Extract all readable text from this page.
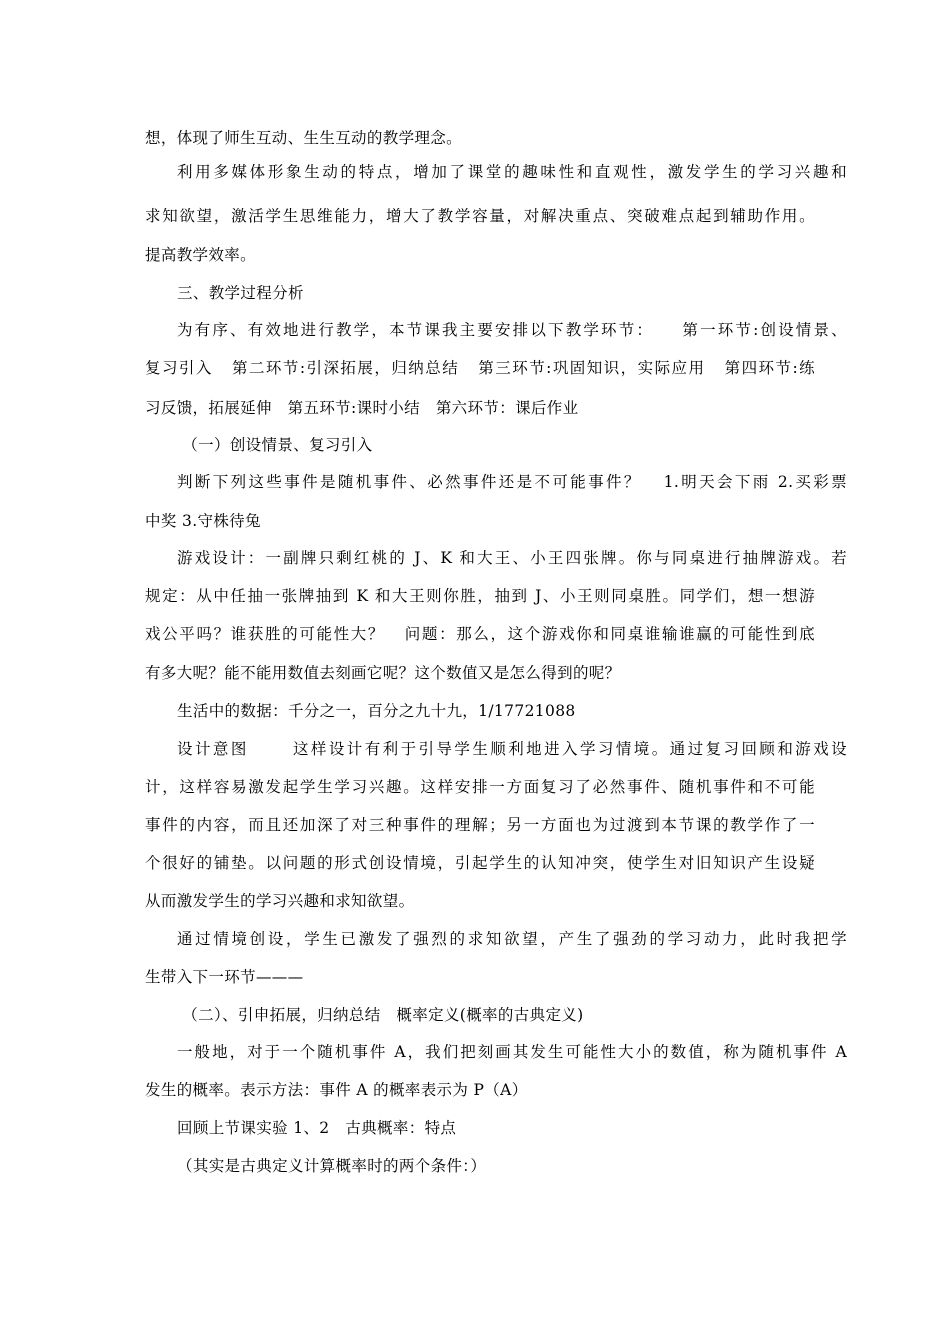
想，体现了师生互动、生生互动的教学理念。
利用多媒体形象生动的特点，增加了课堂的趣味性和直观性，激发学生的学习兴趣和
求知欲望，激活学生思维能力，增大了教学容量，对解决重点、突破难点起到辅助作用。
提高教学效率。
三、教学过程分析
为有序、有效地进行教学，本节课我主要安排以下教学环节：    第一环节:创设情景、
复习引入   第二环节:引深拓展，归纳总结   第三环节:巩固知识，实际应用   第四环节:练
习反馈，拓展延伸   第五环节:课时小结   第六环节：课后作业
（一）创设情景、复习引入
判断下列这些事件是随机事件、必然事件还是不可能事件？   1.明天会下雨 2.买彩票
中奖 3.守株待兔
游戏设计：一副牌只剩红桃的 J、K 和大王、小王四张牌。你与同桌进行抽牌游戏。若
规定：从中任抽一张牌抽到 K 和大王则你胜，抽到 J、小王则同桌胜。同学们，想一想游
戏公平吗？谁获胜的可能性大？   问题：那么，这个游戏你和同桌谁输谁赢的可能性到底
有多大呢？能不能用数值去刻画它呢？这个数值又是怎么得到的呢？
生活中的数据：千分之一，百分之九十九，1/17721088
设计意图      这样设计有利于引导学生顺利地进入学习情境。通过复习回顾和游戏设
计，这样容易激发起学生学习兴趣。这样安排一方面复习了必然事件、随机事件和不可能
事件的内容，而且还加深了对三种事件的理解；另一方面也为过渡到本节课的教学作了一
个很好的铺垫。以问题的形式创设情境，引起学生的认知冲突，使学生对旧知识产生设疑
从而激发学生的学习兴趣和求知欲望。
通过情境创设，学生已激发了强烈的求知欲望，产生了强劲的学习动力，此时我把学
生带入下一环节———
（二）、引申拓展，归纳总结   概率定义(概率的古典定义)
一般地，对于一个随机事件 A，我们把刻画其发生可能性大小的数值，称为随机事件 A
发生的概率。表示方法：事件 A 的概率表示为 P（A）
回顾上节课实验 1、2   古典概率：特点
（其实是古典定义计算概率时的两个条件：）
